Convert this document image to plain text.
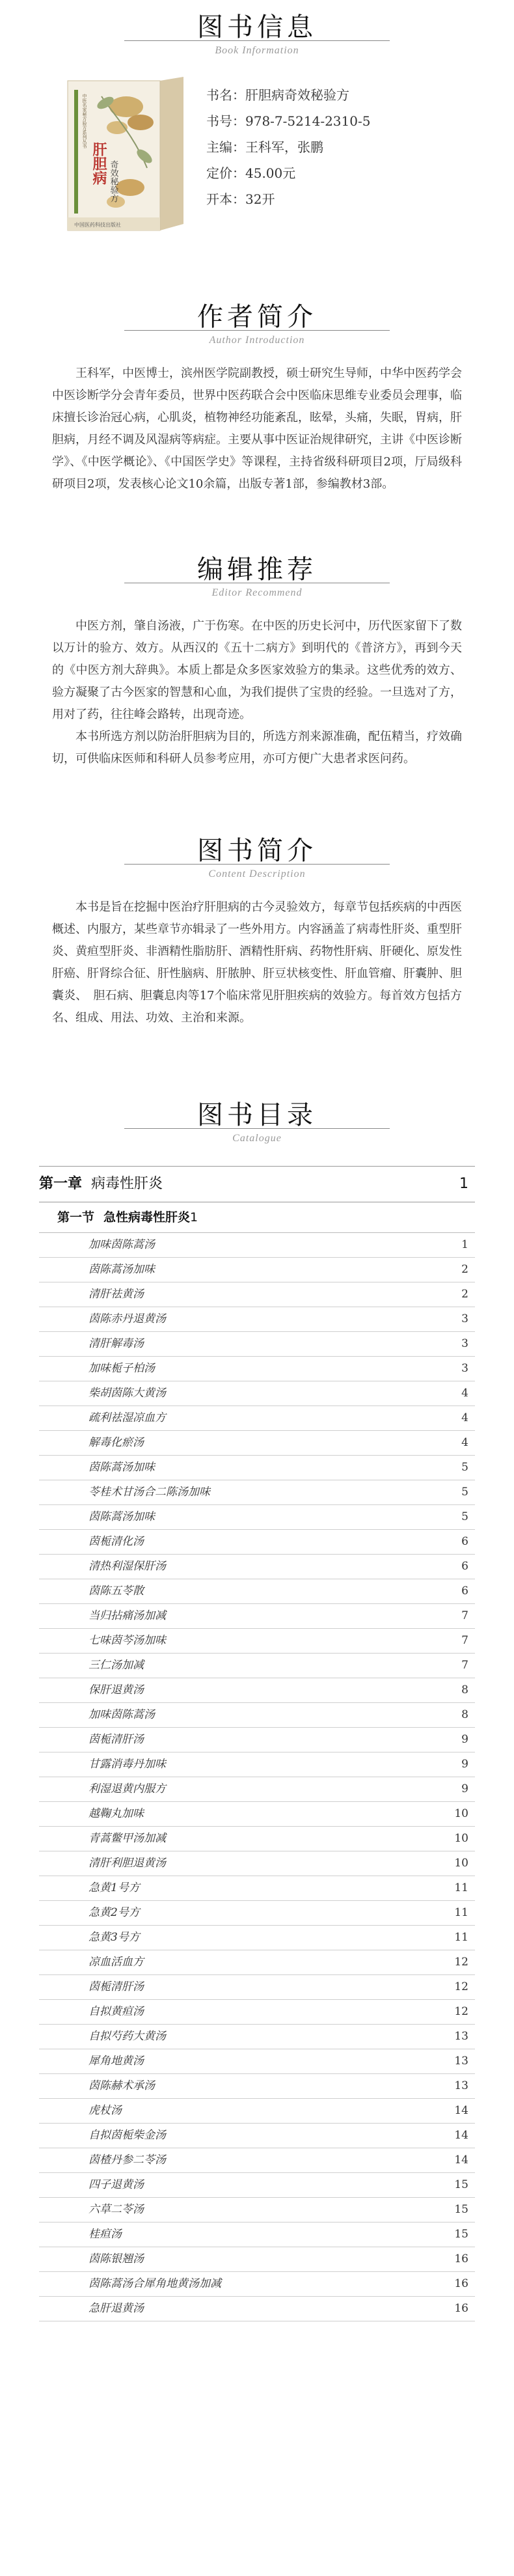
图书信息
Book Information
中医名家秘方验方系列丛书
肝胆病 奇效秘验方
中国医药科技出版社
书名：肝胆病奇效秘验方
书号：978-7-5214-2310-5
主编：王科军，张鹏
定价：45.00元
开本：32开
作者简介
Author Introduction

王科军，中医博士，滨州医学院副教授，硕士研究生导师，中华中医药学会中医诊断学分会青年委员，世界中医药联合会中医临床思维专业委员会理事，临床擅长诊治冠心病，心肌炎，植物神经功能紊乱，眩晕，头痛，失眠，胃病，肝胆病，月经不调及风湿病等病症。主要从事中医证治规律研究，主讲《中医诊断学》、《中医学概论》、《中国医学史》等课程，主持省级科研项目2项，厅局级科研项目2项，发表核心论文10余篇，出版专著1部，参编教材3部。

编辑推荐
Editor Recommend

中医方剂，肇自汤液，广于伤寒。在中医的历史长河中，历代医家留下了数以万计的验方、效方。从西汉的《五十二病方》到明代的《普济方》，再到今天的《中医方剂大辞典》。本质上都是众多医家效验方的集录。这些优秀的效方、验方凝聚了古今医家的智慧和心血，为我们提供了宝贵的经验。一旦选对了方，用对了药，往往峰会路转，出现奇迹。

本书所选方剂以防治肝胆病为目的，所选方剂来源准确，配伍精当，疗效确切，可供临床医师和科研人员参考应用，亦可方便广大患者求医问药。

图书简介
Content Description

本书是旨在挖掘中医治疗肝胆病的古今灵验效方，每章节包括疾病的中西医概述、内服方，某些章节亦辑录了一些外用方。内容涵盖了病毒性肝炎、重型肝炎、黄疸型肝炎、非酒精性脂肪肝、酒精性肝病、药物性肝病、肝硬化、原发性肝癌、肝肾综合征、肝性脑病、肝脓肿、肝豆状核变性、肝血管瘤、肝囊肿、胆囊炎、　胆石病、胆囊息肉等17个临床常见肝胆疾病的效验方。每首效方包括方名、组成、用法、功效、主治和来源。

图书目录
Catalogue
第一章 病毒性肝炎	1
第一节 急性病毒性肝炎 1
加味茵陈蒿汤	1
茵陈蒿汤加味	2
清肝祛黄汤	2
茵陈赤丹退黄汤	3
清肝解毒汤	3
加味栀子柏汤	3
柴胡茵陈大黄汤	4
疏利祛湿凉血方	4
解毒化瘀汤	4
茵陈蒿汤加味	5
苓桂术甘汤合二陈汤加味	5
茵陈蒿汤加味	5
茵栀清化汤	6
清热利湿保肝汤	6
茵陈五苓散	6
当归拈痛汤加减	7
七味茵芩汤加味	7
三仁汤加减	7
保肝退黄汤	8
加味茵陈蒿汤	8
茵栀清肝汤	9
甘露消毒丹加味	9
利湿退黄内服方	9
越鞠丸加味	10
青蒿鳖甲汤加减	10
清肝利胆退黄汤	10
急黄1号方	11
急黄2号方	11
急黄3号方	11
凉血活血方	12
茵栀清肝汤	12
自拟黄疸汤	12
自拟芍药大黄汤	13
犀角地黄汤	13
茵陈赫术承汤	13
虎杖汤	14
自拟茵栀柴金汤	14
茵楂丹参二苓汤	14
四子退黄汤	15
六草二苓汤	15
桂疸汤	15
茵陈银翘汤	16
茵陈蒿汤合犀角地黄汤加减	16
急肝退黄汤	16
